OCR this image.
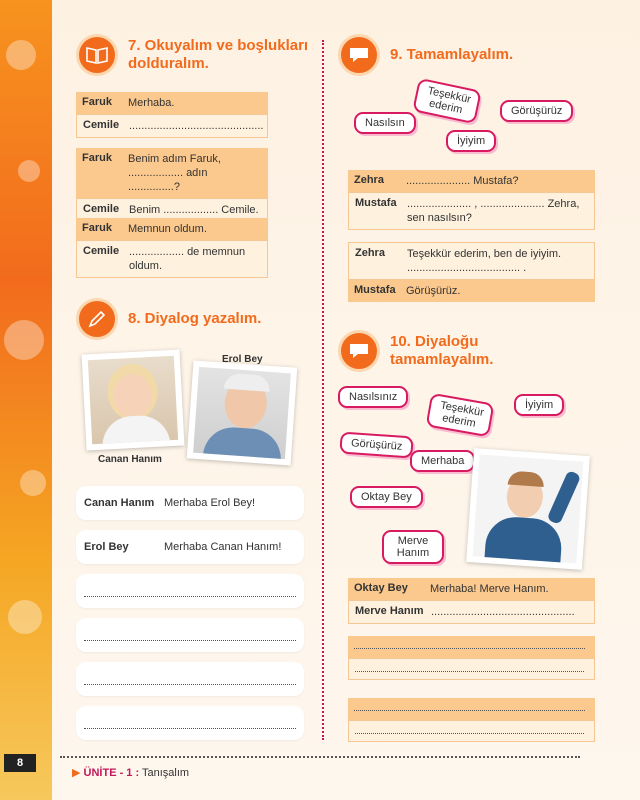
7. Okuyalım ve boşlukları dolduralım.
Faruk	Merhaba.
Cemile ............................................
Faruk	Benim adım Faruk, .................. adın ...............?
Cemile Benim .................. Cemile.
Faruk	Memnun oldum.
Cemile .................. de memnun oldum.
8. Diyalog yazalım.
Canan Hanım
Erol Bey
Canan Hanım Merhaba Erol Bey!
Erol Bey	Merhaba Canan Hanım!
9. Tamamlayalım.
Teşekkür ederim	Görüşürüz
Nasılsın
İyiyim
Zehra	..................... Mustafa?
Mustafa ..................... , ..................... Zehra, sen nasılsın?
Zehra	Teşekkür ederim, ben de iyiyim. ..................................... .
Mustafa Görüşürüz.
10. Diyaloğu tamamlayalım.
Nasılsınız
Teşekkür ederim
İyiyim
Görüşürüz
Merhaba
Oktay Bey
Merve Hanım
Oktay Bey	Merhaba! Merve Hanım.
Merve Hanım ...............................................
8
▶ ÜNİTE - 1 : Tanışalım
